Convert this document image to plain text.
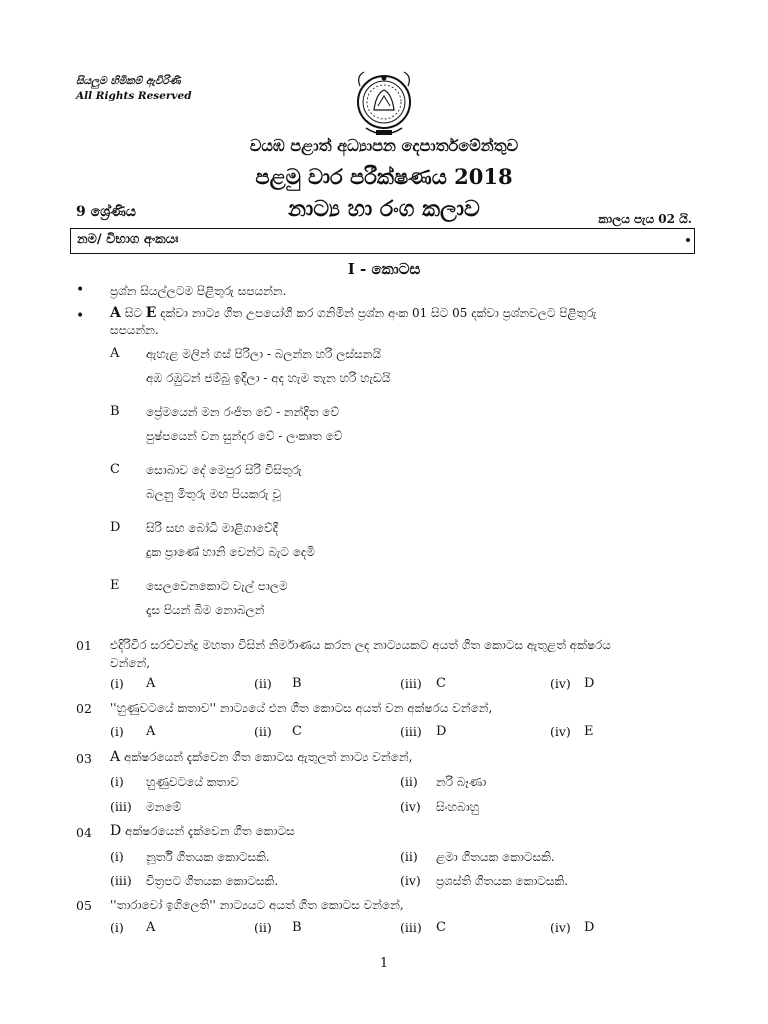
සියලුම හිමිකම් ඇවිරිණි
All Rights Reserved
වයඹ පළාත් අධ්‍යාපන දෙපාර්තමේන්තුව
පළමු වාර පරීක්ෂණය 2018
නාට්‍ය හා රංග කලාව
9 ශ්‍රේණිය	කාලය පැය 02 යි.
නම/ විභාග අංකයඃ
I - කොටස
• ප්‍රශ්න සියල්ලටම පිළිතුරු සපයන්න.
• A සිට E දක්වා නාට්‍ය ගීත උපයෝගී කර ගනිමින් ප්‍රශ්න අංක 01 සිට 05 දක්වා ප්‍රශ්නවලට පිළිතුරු
සපයන්න.
A ඇහැළ මලින් ගස් පිරිලා - බලන්න හරි ලස්සනයි
අඹ රඹුටන් ජම්බු ඉදිලා - අද හැම තැන හරි හැඩයි
B ප්‍රේමයෙන් මන රංජිත වේ - නන්දිත වේ
පුෂ්පයෙන් වන සුන්දර වේ - ලංකෘත වේ
C සොබාව දේ මෙපුර සිරි විසිතුරු
බලනු මිතුරු මඟ පියකරු වූ
D සිරි සඟ බෝධි මාළිගාවේදී
දුක ප්‍රාණේ හානි වෙන්ට බැට දෙමි
E සෙලවෙනකොට වැල් පාලම
දෑස පියන් බිම නොබලන්
01 එදිරිවීර සරච්චන්ද්‍ර මහතා විසින් නිර්මාණය කරන ලද නාට්‍යයකට අයත් ගීත කොටස ඇතුළත් අක්ෂරය
වන්නේ,
(i) A	(ii) B	(iii) C	(iv) D
02 ''හුණුවටයේ කතාව'' නාට්‍යයේ එන ගීත කොටස අයත් වන අක්ෂරය වන්නේ,
(i) A	(ii) C	(iii) D	(iv) E
03 A අක්ෂරයෙන් දැක්වෙන ගීත කොටස ඇතුලත් නාට්‍ය වන්නේ,
(i) හුණුවටයේ කතාව	(ii) නරි බෑණා
(iii) මනමේ	(iv) සිංහබාහු
04 D අක්ෂරයෙන් දැක්වෙන ගීත කොටස
(i) නූර්ති ගීතයක කොටසකි.	(ii) ළමා ගීතයක කොටසකි.
(iii) චිත්‍රපට ගීතයක කොටසකි.	(iv) ප්‍රශස්ති ගීතයක කොටසකි.
05 ''තාරාවෝ ඉගිලෙති'' නාට්‍යයට අයත් ගීත කොටස වන්නේ,
(i) A	(ii) B	(iii) C	(iv) D
1
